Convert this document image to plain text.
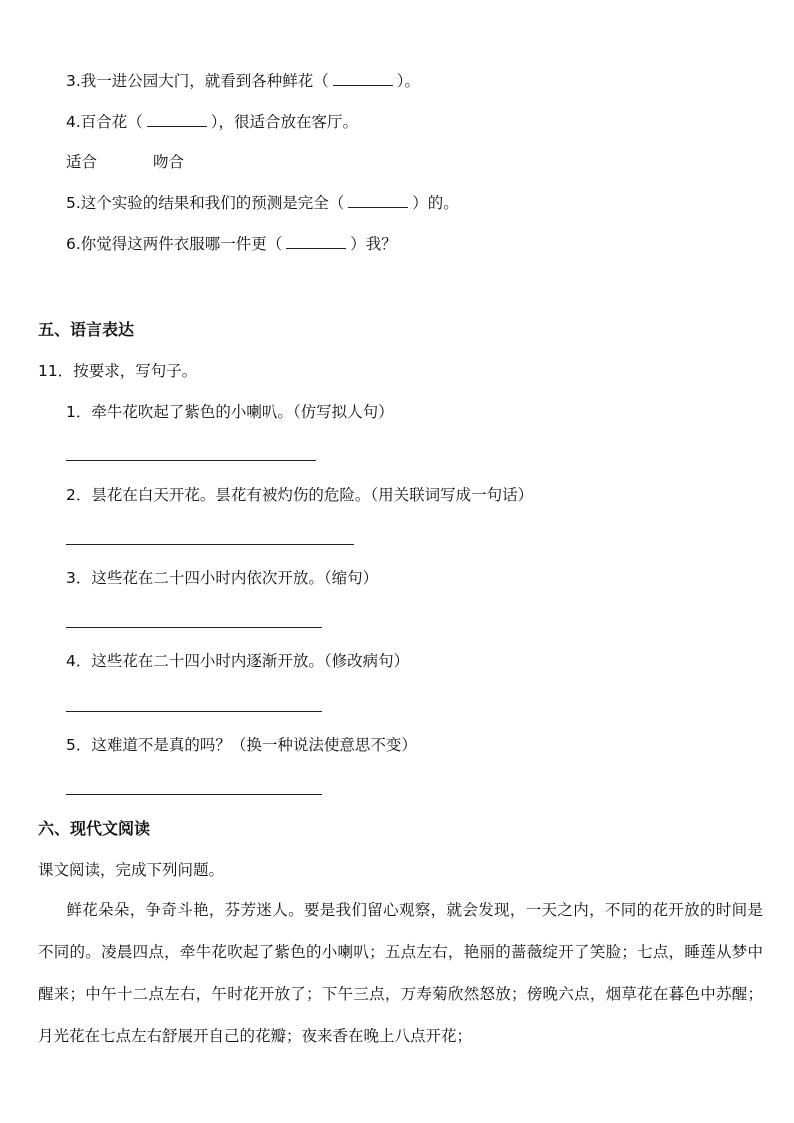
3.我一进公园大门，就看到各种鲜花（	）。
4.百合花（	），很适合放在客厅。
适合	吻合
5.这个实验的结果和我们的预测是完全（	）的。
6.你觉得这两件衣服哪一件更（	）我？
五、语言表达
11．按要求，写句子。
1．牵牛花吹起了紫色的小喇叭。（仿写拟人句）
2．昙花在白天开花。昙花有被灼伤的危险。（用关联词写成一句话）
3．这些花在二十四小时内依次开放。（缩句）
4．这些花在二十四小时内逐渐开放。（修改病句）
5．这难道不是真的吗？（换一种说法使意思不变）
六、现代文阅读
课文阅读，完成下列问题。
鲜花朵朵，争奇斗艳，芬芳迷人。要是我们留心观察，就会发现，一天之内，不同的花开放的时间是不同的。凌晨四点，牵牛花吹起了紫色的小喇叭；五点左右，艳丽的蔷薇绽开了笑脸；七点，睡莲从梦中醒来；中午十二点左右，午时花开放了；下午三点，万寿菊欣然怒放；傍晚六点，烟草花在暮色中苏醒；月光花在七点左右舒展开自己的花瓣；夜来香在晚上八点开花；
